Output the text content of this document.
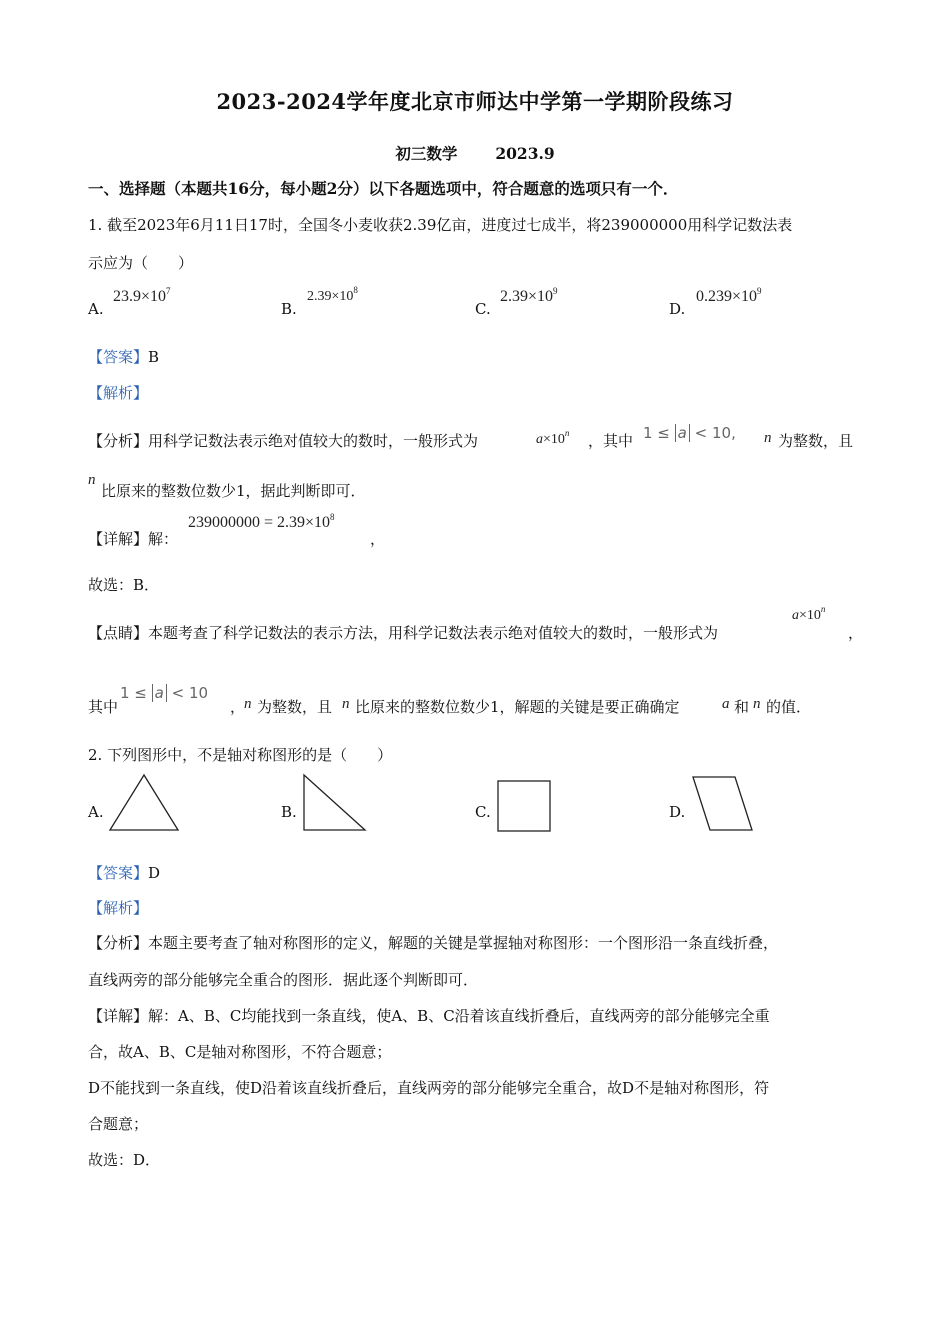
2023-2024学年度北京市师达中学第一学期阶段练习
初三数学 2023.9
一、选择题（本题共16分，每小题2分）以下各题选项中，符合题意的选项只有一个．
1. 截至2023年6月11日17时，全国冬小麦收获2.39亿亩，进度过七成半，将239000000用科学记数法表
示应为（　　）
A.
$23.9\times 10^7$
B.
$2.39\times 10^8$
C.
$2.39\times 10^9$
D.
$0.239\times 10^9$
【答案】B
【解析】
【分析】用科学记数法表示绝对值较大的数时，一般形式为	$a\times 10^n$ ，其中 1 ≤ a < 10, n 为整数，且
n
比原来的整数位数少1，据此判断即可．
【详解】解：
$239000000 = 2.39\times 10^8$
，
故选：B．
【点睛】本题考查了科学记数法的表示方法，用科学记数法表示绝对值较大的数时，一般形式为
$a\times 10^n$
，
其中
1 ≤ a < 10
，
n 为整数，且 n 比原来的整数位数少1，解题的关键是要正确确定	a 和 n 的值．
2. 下列图形中，不是轴对称图形的是（　　）
A.	B.	C.	D.
【答案】D
【解析】
【分析】本题主要考查了轴对称图形的定义，解题的关键是掌握轴对称图形：一个图形沿一条直线折叠，
直线两旁的部分能够完全重合的图形．据此逐个判断即可．
【详解】解：A、B、C均能找到一条直线，使A、B、C沿着该直线折叠后，直线两旁的部分能够完全重
合，故A、B、C是轴对称图形，不符合题意；
D不能找到一条直线，使D沿着该直线折叠后，直线两旁的部分能够完全重合，故D不是轴对称图形，符
合题意；
故选：D．
